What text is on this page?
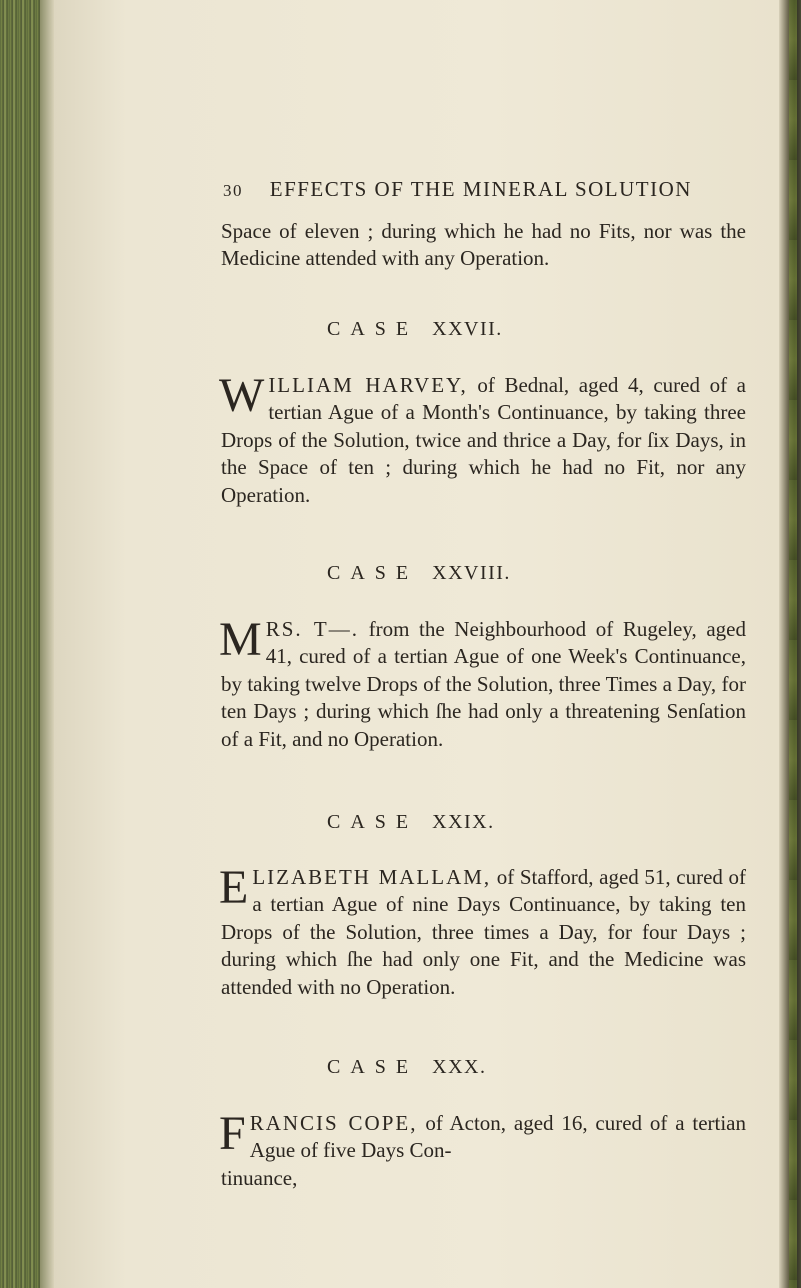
30 EFFECTS OF THE MINERAL SOLUTION

Space of eleven ; during which he had no Fits, nor was the Medicine attended with any Operation.

CASE XXVII.

WILLIAM HARVEY, of Bednal, aged 4, cured of a tertian Ague of a Month's Continuance, by taking three Drops of the Solution, twice and thrice a Day, for ſix Days, in the Space of ten ; during which he had no Fit, nor any Operation.

CASE XXVIII.

MRS. T—. from the Neighbourhood of Rugeley, aged 41, cured of a tertian Ague of one Week's Continuance, by taking twelve Drops of the Solution, three Times a Day, for ten Days ; during which ſhe had only a threatening Senſation of a Fit, and no Operation.

CASE XXIX.

ELIZABETH MALLAM, of Stafford, aged 51, cured of a tertian Ague of nine Days Continuance, by taking ten Drops of the Solution, three times a Day, for four Days ; during which ſhe had only one Fit, and the Medicine was attended with no Operation.

CASE XXX.

FRANCIS COPE, of Acton, aged 16, cured of a tertian Ague of five Days Con-

tinuance,
